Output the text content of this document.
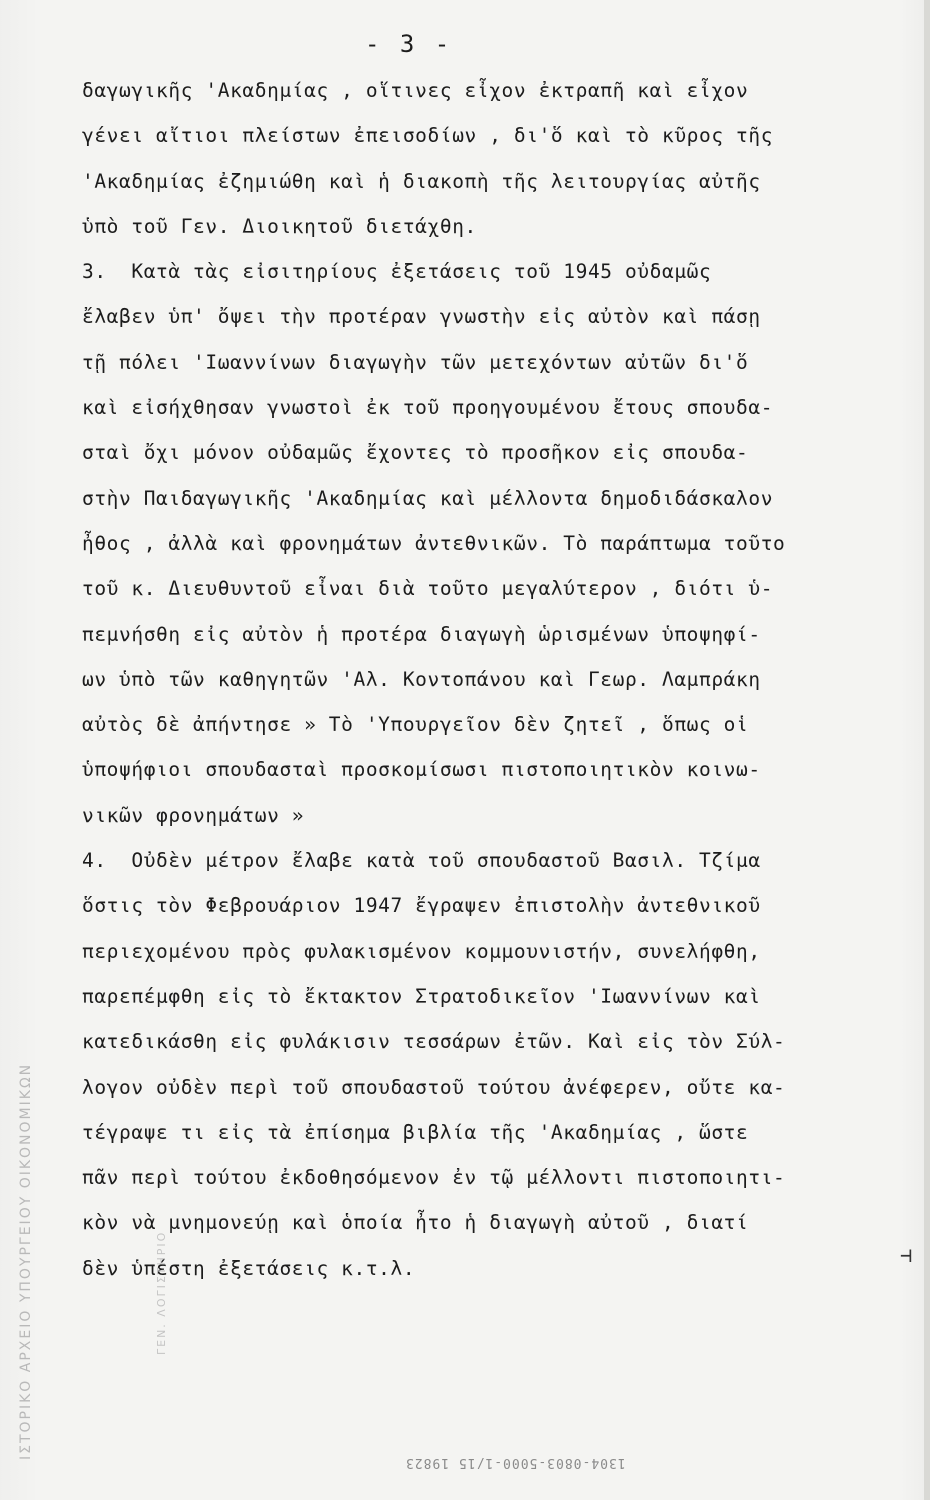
- 3 -
δαγωγικῆς 'Ακαδημίας , οἵτινες εἶχον ἐκτραπῆ καὶ εἶχον
γένει αἴτιοι πλείστων ἐπεισοδίων , δι'ὅ καὶ τὸ κῦρος τῆς
'Ακαδημίας ἐζημιώθη καὶ ἡ διακοπὴ τῆς λειτουργίας αὐτῆς
ὑπὸ τοῦ Γεν. Διοικητοῦ διετάχθη.
3.  Κατὰ τὰς εἰσιτηρίους ἐξετάσεις τοῦ 1945 οὐδαμῶς
ἔλαβεν ὑπ' ὄψει τὴν προτέραν γνωστὴν εἰς αὐτὸν καὶ πάσῃ
τῇ πόλει 'Ιωαννίνων διαγωγὴν τῶν μετεχόντων αὐτῶν δι'ὅ
καὶ εἰσήχθησαν γνωστοὶ ἐκ τοῦ προηγουμένου ἔτους σπουδα-
σταὶ ὄχι μόνον οὐδαμῶς ἔχοντες τὸ προσῆκον εἰς σπουδα-
στὴν Παιδαγωγικῆς 'Ακαδημίας καὶ μέλλοντα δημοδιδάσκαλον
ἦθος , ἀλλὰ καὶ φρονημάτων ἀντεθνικῶν. Τὸ παράπτωμα τοῦτο
τοῦ κ. Διευθυντοῦ εἶναι διὰ τοῦτο μεγαλύτερον , διότι ὑ-
πεμνήσθη εἰς αὐτὸν ἡ προτέρα διαγωγὴ ὡρισμένων ὑποψηφί-
ων ὑπὸ τῶν καθηγητῶν 'Αλ. Κοντοπάνου καὶ Γεωρ. Λαμπράκη
αὐτὸς δὲ ἀπήντησε » Τὸ 'Υπουργεῖον δὲν ζητεῖ , ὅπως οἱ
ὑποψήφιοι σπουδασταὶ προσκομίσωσι πιστοποιητικὸν κοινω-
νικῶν φρονημάτων »
4.  Οὐδὲν μέτρον ἔλαβε κατὰ τοῦ σπουδαστοῦ Βασιλ. Τζίμα
ὅστις τὸν Φεβρουάριον 1947 ἔγραψεν ἐπιστολὴν ἀντεθνικοῦ
περιεχομένου πρὸς φυλακισμένον κομμουνιστήν, συνελήφθη,
παρεπέμφθη εἰς τὸ ἔκτακτον Στρατοδικεῖον 'Ιωαννίνων καὶ
κατεδικάσθη εἰς φυλάκισιν τεσσάρων ἐτῶν. Καὶ εἰς τὸν Σύλ-
λογον οὐδὲν περὶ τοῦ σπουδαστοῦ τούτου ἀνέφερεν, οὔτε κα-
τέγραψε τι εἰς τὰ ἐπίσημα βιβλία τῆς 'Ακαδημίας , ὥστε
πᾶν περὶ τούτου ἐκδοθησόμενον ἐν τῷ μέλλοντι πιστοποιητι-
κὸν νὰ μνημονεύῃ καὶ ὁποία ἦτο ἡ διαγωγὴ αὐτοῦ , διατί
δὲν ὑπέστη ἐξετάσεις κ.τ.λ.
⊣
ΙΣΤΟΡΙΚΟ ΑΡΧΕΙΟ ΥΠΟΥΡΓΕΙΟΥ ΟΙΚΟΝΟΜΙΚΩΝ	ΓΕΝ. ΛΟΓΙΣΤΗΡΙΟ
1304-0803-5000-1/15 19823
